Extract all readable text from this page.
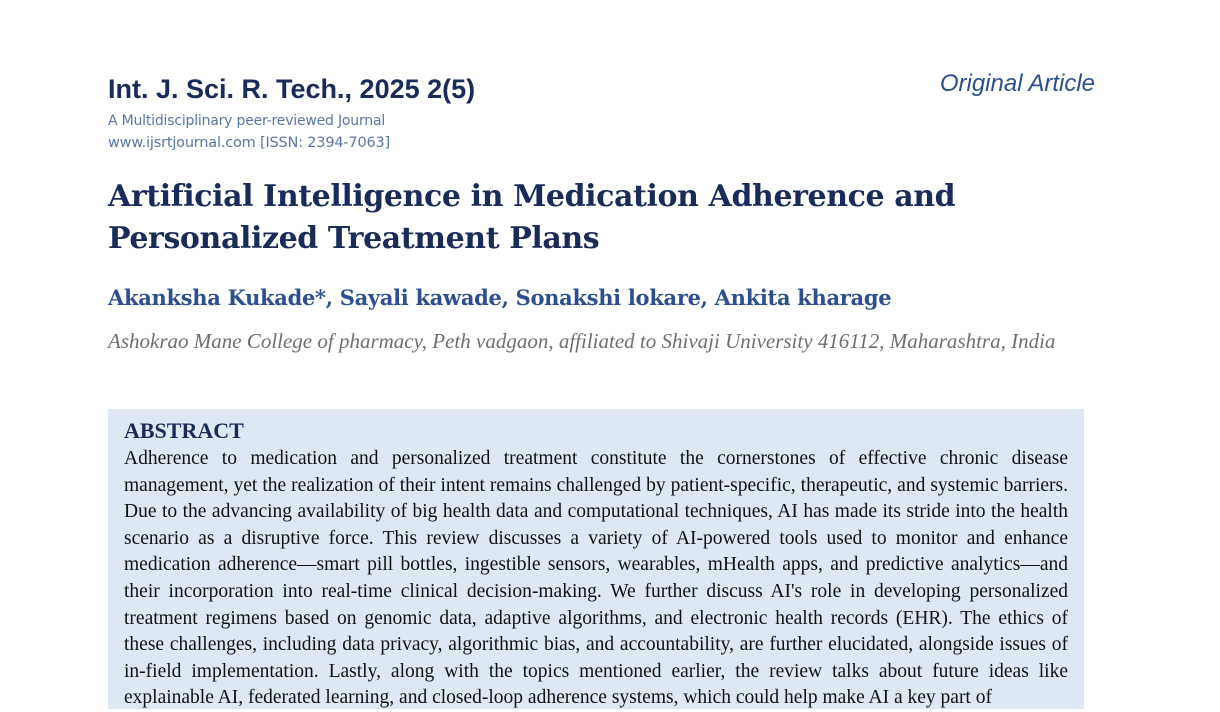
Int. J. Sci. R. Tech., 2025 2(5)	Original Article
A Multidisciplinary peer-reviewed Journal
www.ijsrtjournal.com [ISSN: 2394-7063]
Artificial Intelligence in Medication Adherence and Personalized Treatment Plans
Akanksha Kukade*, Sayali kawade, Sonakshi lokare, Ankita kharage
Ashokrao Mane College of pharmacy, Peth vadgaon, affiliated to Shivaji University 416112, Maharashtra, India
ABSTRACT

Adherence to medication and personalized treatment constitute the cornerstones of effective chronic disease management, yet the realization of their intent remains challenged by patient-specific, therapeutic, and systemic barriers. Due to the advancing availability of big health data and computational techniques, AI has made its stride into the health scenario as a disruptive force. This review discusses a variety of AI-powered tools used to monitor and enhance medication adherence—smart pill bottles, ingestible sensors, wearables, mHealth apps, and predictive analytics—and their incorporation into real-time clinical decision-making. We further discuss AI's role in developing personalized treatment regimens based on genomic data, adaptive algorithms, and electronic health records (EHR). The ethics of these challenges, including data privacy, algorithmic bias, and accountability, are further elucidated, alongside issues of in-field implementation. Lastly, along with the topics mentioned earlier, the review talks about future ideas like explainable AI, federated learning, and closed-loop adherence systems, which could help make AI a key part of
